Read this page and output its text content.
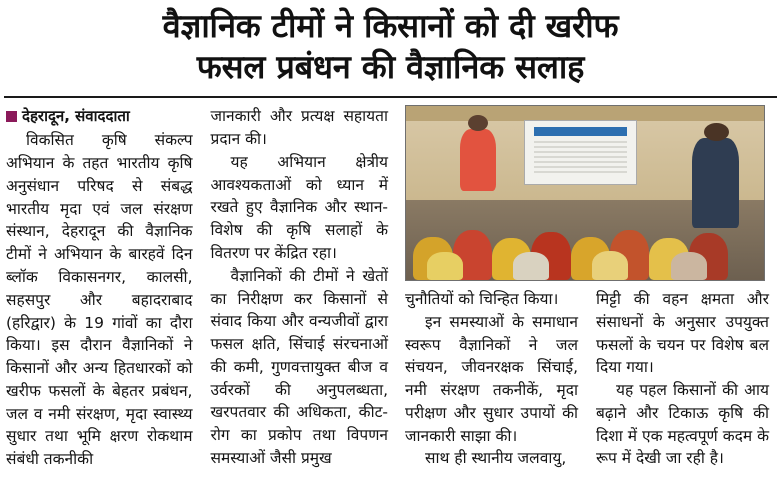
वैज्ञानिक टीमों ने किसानों को दी खरीफ
फसल प्रबंधन की वैज्ञानिक सलाह
देहरादून, संवाददाता

विकसित कृषि संकल्प अभियान के तहत भारतीय कृषि अनुसंधान परिषद से संबद्ध भारतीय मृदा एवं जल संरक्षण संस्थान, देहरादून की वैज्ञानिक टीमों ने अभियान के बारहवें दिन ब्लॉक विकासनगर, कालसी, सहसपुर और बहादराबाद (हरिद्वार) के 19 गांवों का दौरा किया। इस दौरान वैज्ञानिकों ने किसानों और अन्य हितधारकों को खरीफ फसलों के बेहतर प्रबंधन, जल व नमी संरक्षण, मृदा स्वास्थ्य सुधार तथा भूमि क्षरण रोकथाम संबंधी तकनीकी

जानकारी और प्रत्यक्ष सहायता प्रदान की।

यह अभियान क्षेत्रीय आवश्यकताओं को ध्यान में रखते हुए वैज्ञानिक और स्थान-विशेष की कृषि सलाहों के वितरण पर केंद्रित रहा।

वैज्ञानिकों की टीमों ने खेतों का निरीक्षण कर किसानों से संवाद किया और वन्यजीवों द्वारा फसल क्षति, सिंचाई संरचनाओं की कमी, गुणवत्तायुक्त बीज व उर्वरकों की अनुपलब्धता, खरपतवार की अधिकता, कीट-रोग का प्रकोप तथा विपणन समस्याओं जैसी प्रमुख

चुनौतियों को चिन्हित किया।

इन समस्याओं के समाधान स्वरूप वैज्ञानिकों ने जल संचयन, जीवनरक्षक सिंचाई, नमी संरक्षण तकनीकें, मृदा परीक्षण और सुधार उपायों की जानकारी साझा की।

साथ ही स्थानीय जलवायु,

मिट्टी की वहन क्षमता और संसाधनों के अनुसार उपयुक्त फसलों के चयन पर विशेष बल दिया गया।

यह पहल किसानों की आय बढ़ाने और टिकाऊ कृषि की दिशा में एक महत्वपूर्ण कदम के रूप में देखी जा रही है।
